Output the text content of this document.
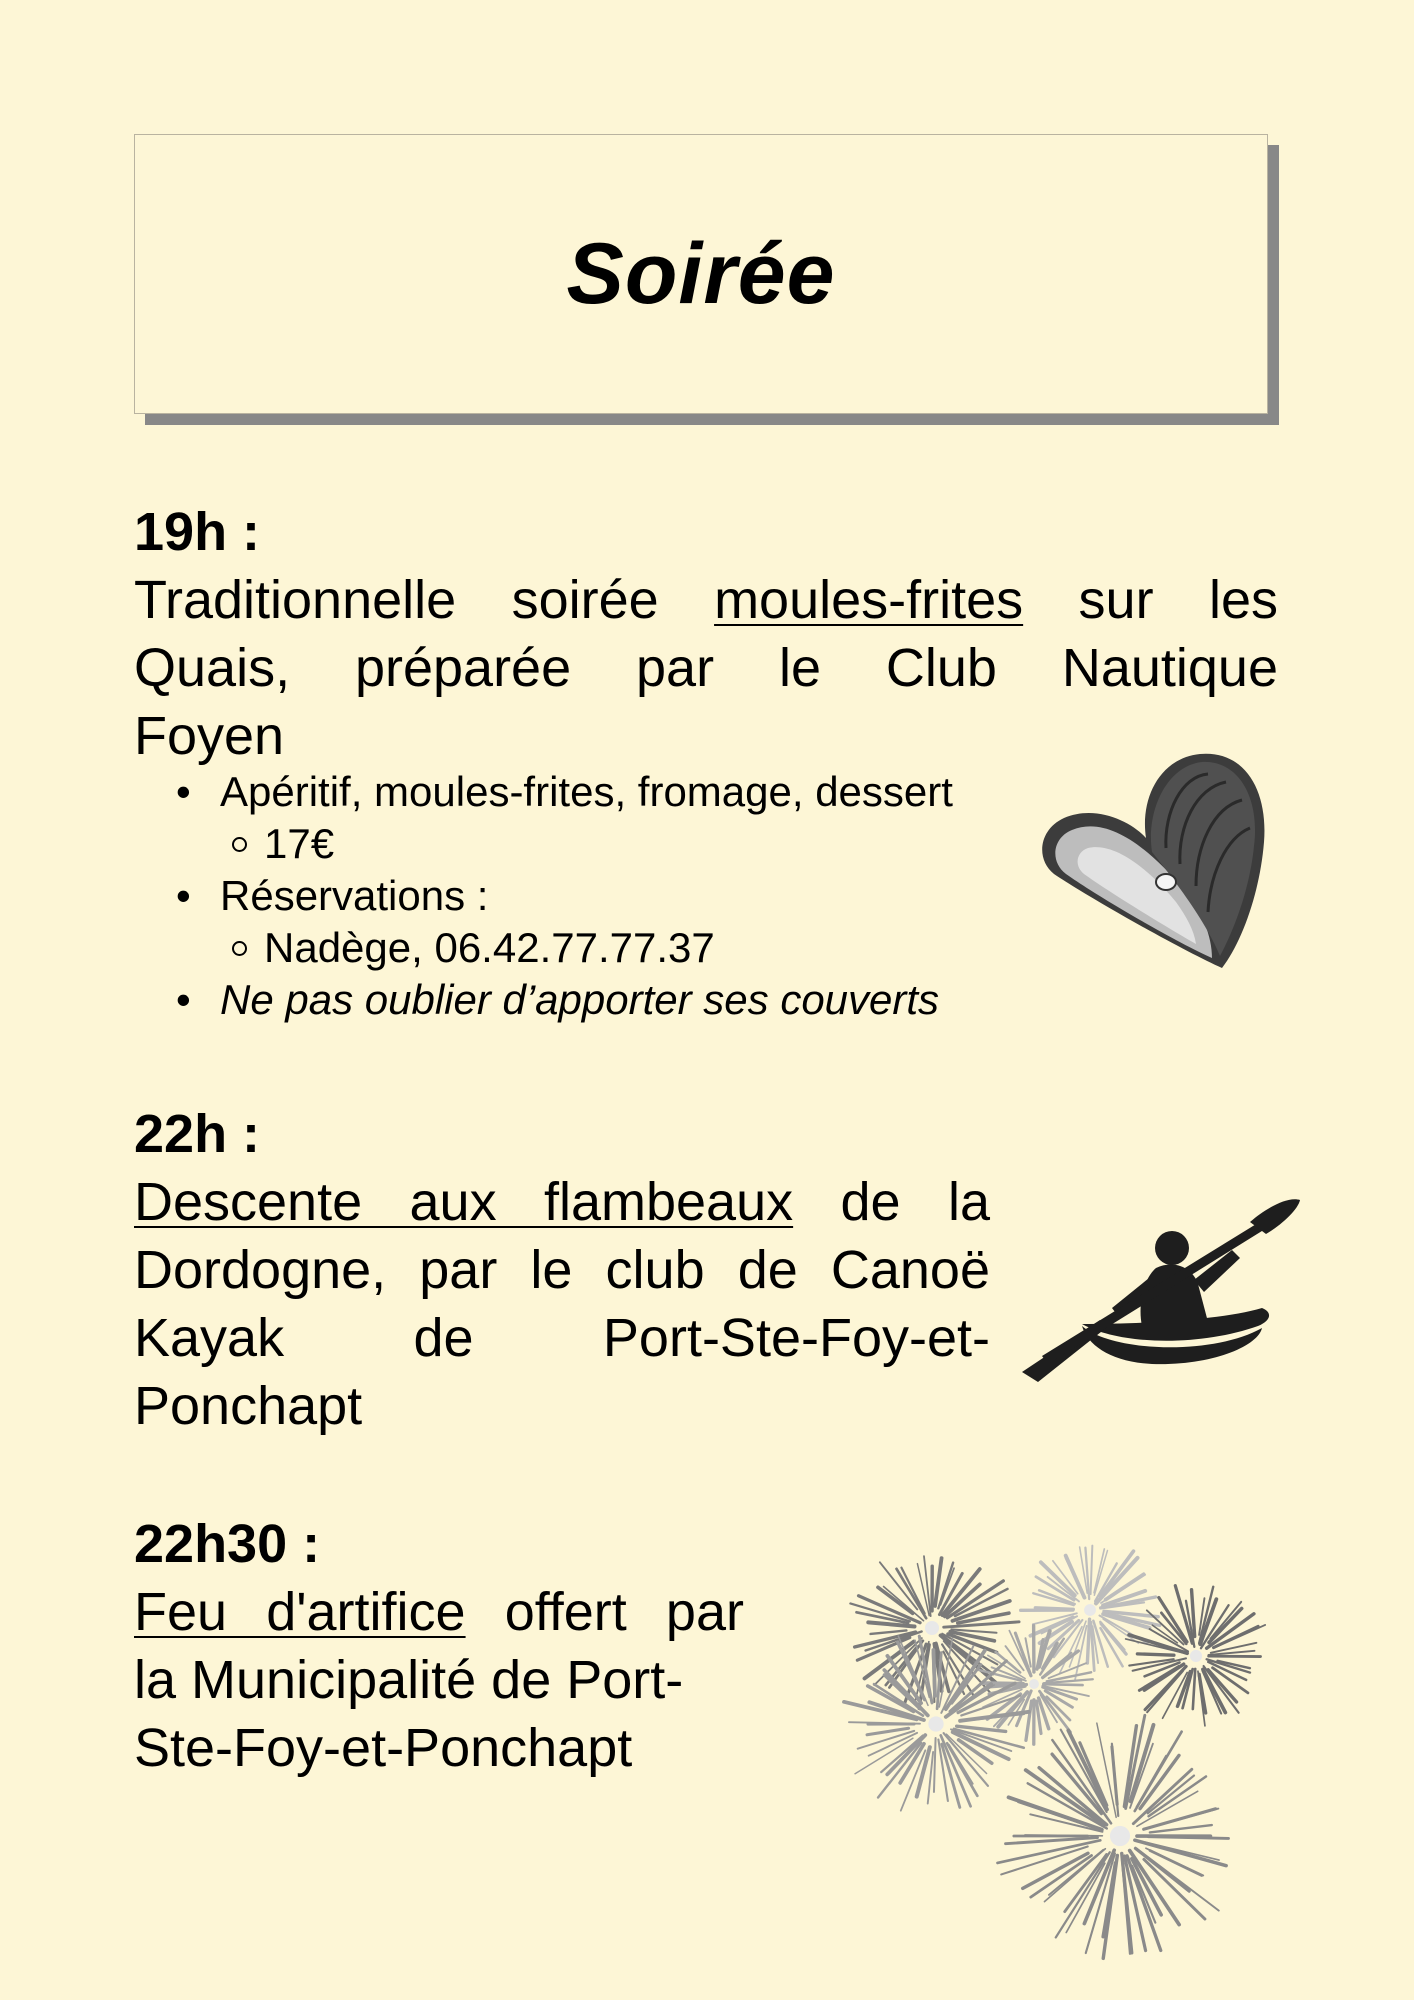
Soirée
19h :
Traditionnelle soirée moules-frites sur les
Quais, préparée par le Club Nautique
Foyen
• Apéritif, moules-frites, fromage, dessert
17€
• Réservations :
Nadège, 06.42.77.77.37
• Ne pas oublier d’apporter ses couverts
22h :
Descente aux flambeaux de la
Dordogne, par le club de Canoë
Kayak de Port-Ste-Foy-et-
Ponchapt
22h30 :
Feu d'artifice offert par
la Municipalité de Port-
Ste-Foy-et-Ponchapt
